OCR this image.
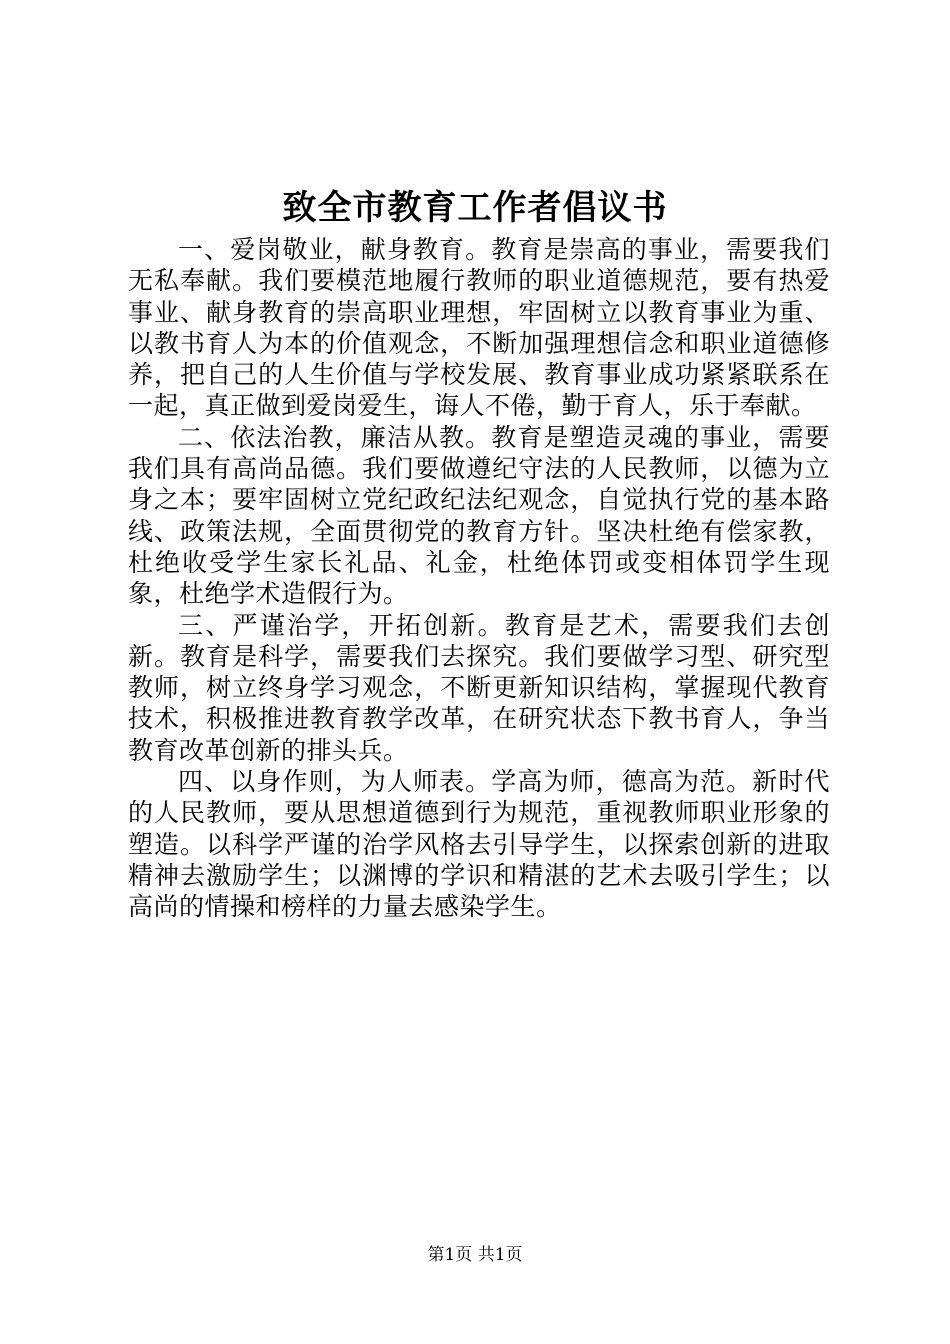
致全市教育工作者倡议书

一、爱岗敬业，献身教育。教育是崇高的事业，需要我们无私奉献。我们要模范地履行教师的职业道德规范，要有热爱事业、献身教育的崇高职业理想，牢固树立以教育事业为重、以教书育人为本的价值观念，不断加强理想信念和职业道德修养，把自己的人生价值与学校发展、教育事业成功紧紧联系在一起，真正做到爱岗爱生，诲人不倦，勤于育人，乐于奉献。

二、依法治教，廉洁从教。教育是塑造灵魂的事业，需要我们具有高尚品德。我们要做遵纪守法的人民教师，以德为立身之本；要牢固树立党纪政纪法纪观念，自觉执行党的基本路线、政策法规，全面贯彻党的教育方针。坚决杜绝有偿家教，杜绝收受学生家长礼品、礼金，杜绝体罚或变相体罚学生现象，杜绝学术造假行为。

三、严谨治学，开拓创新。教育是艺术，需要我们去创新。教育是科学，需要我们去探究。我们要做学习型、研究型教师，树立终身学习观念，不断更新知识结构，掌握现代教育技术，积极推进教育教学改革，在研究状态下教书育人，争当教育改革创新的排头兵。

四、以身作则，为人师表。学高为师，德高为范。新时代的人民教师，要从思想道德到行为规范，重视教师职业形象的塑造。以科学严谨的治学风格去引导学生，以探索创新的进取精神去激励学生；以渊博的学识和精湛的艺术去吸引学生；以高尚的情操和榜样的力量去感染学生。

第1页 共1页
